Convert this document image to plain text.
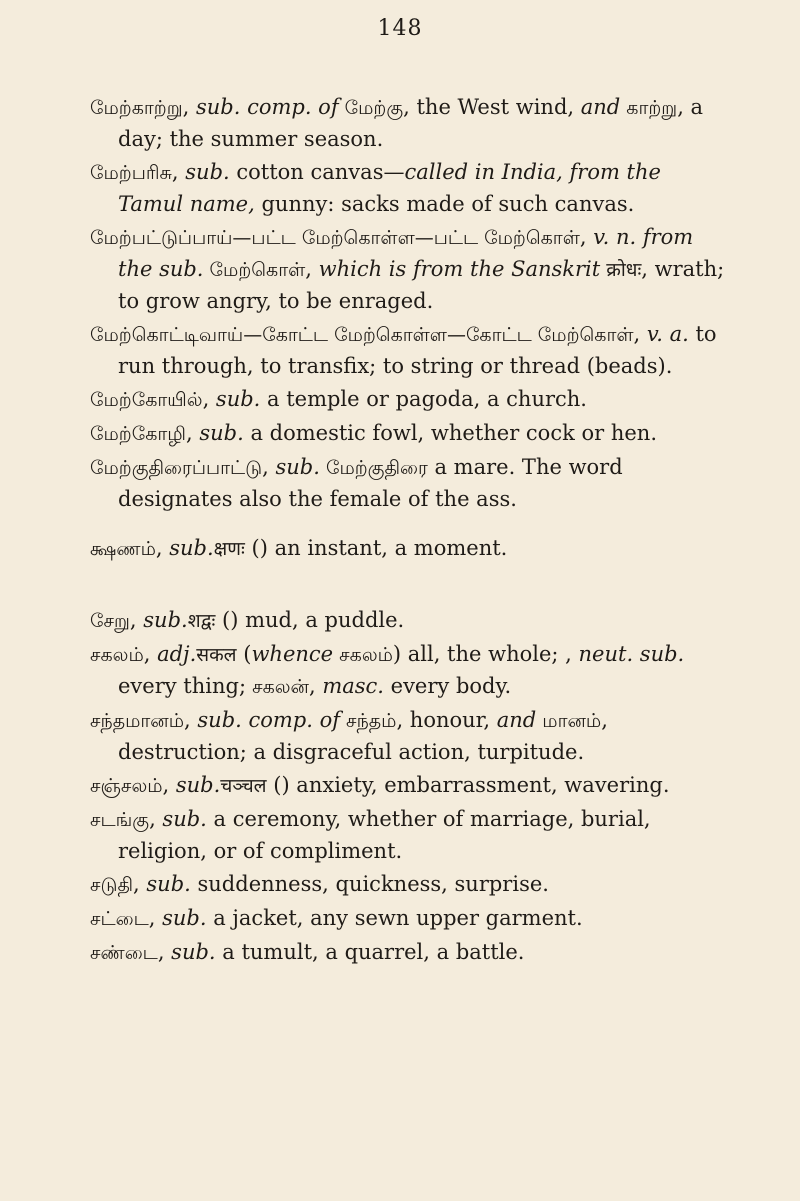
148
மேற்காற்று, sub. comp. of மேற்கு, the West wind, and காற்று, a day; the summer season.
மேற்பரிசு, sub. cotton canvas—called in India, from the Tamul name, gunny: sacks made of such canvas.
மேற்பட்டுப்பாய்—பட்ட மேற்கொள்ள—பட்ட மேற்கொள், v. n. from the sub. மேற்கொள், which is from the Sanskrit क्रोधः, wrath; to grow angry, to be enraged.
மேற்கொட்டிவாய்—கோட்ட மேற்கொள்ள—கோட்ட மேற்கொள், v. a. to run through, to transfix; to string or thread (beads).
மேற்கோயில், sub. a temple or pagoda, a church.
மேற்கோழி, sub. a domestic fowl, whether cock or hen.
மேற்குதிரைப்பாட்டு, sub. மேற்குதிரை a mare. The word designates also the female of the ass.
க்ஷணம், sub.क्षणः () an instant, a moment.
சேறு, sub.शद्वः () mud, a puddle.
சகலம், adj.सकल (whence சகலம்) all, the whole; , neut. sub. every thing; சகலன், masc. every body.
சந்தமானம், sub. comp. of சந்தம், honour, and மானம், destruction; a disgraceful action, turpitude.
சஞ்சலம், sub.चञ्चल () anxiety, embarrassment, wavering.
சடங்கு, sub. a ceremony, whether of marriage, burial, religion, or of compliment.
சடுதி, sub. suddenness, quickness, surprise.
சட்டை, sub. a jacket, any sewn upper garment.
சண்டை, sub. a tumult, a quarrel, a battle.
